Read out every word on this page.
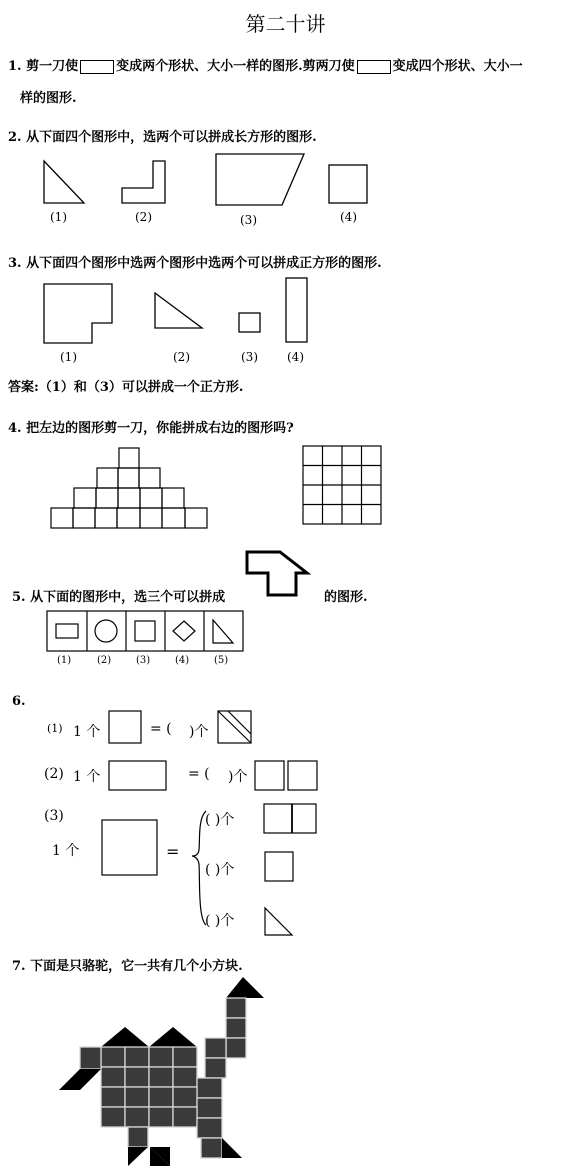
第二十讲
1. 剪一刀使	变成两个形状、大小一样的图形.剪两刀使	变成四个形状、大小一
样的图形.
2. 从下面四个图形中，选两个可以拼成长方形的图形.
(1)	(2)	(3)	(4)
3. 从下面四个图形中选两个图形中选两个可以拼成正方形的图形.
(1)	(2)	(3) (4)
答案:（1）和（3）可以拼成一个正方形.
4. 把左边的图形剪一刀，你能拼成右边的图形吗?
5. 从下面的图形中，选三个可以拼成	的图形.
(1)	(2) (3) (4) (5)
6.
(1) 1 个	= ( )个
(2) 1 个	= ( )个
(3)
1 个	=
( )个
( )个
( )个
7. 下面是只骆驼，它一共有几个小方块.
